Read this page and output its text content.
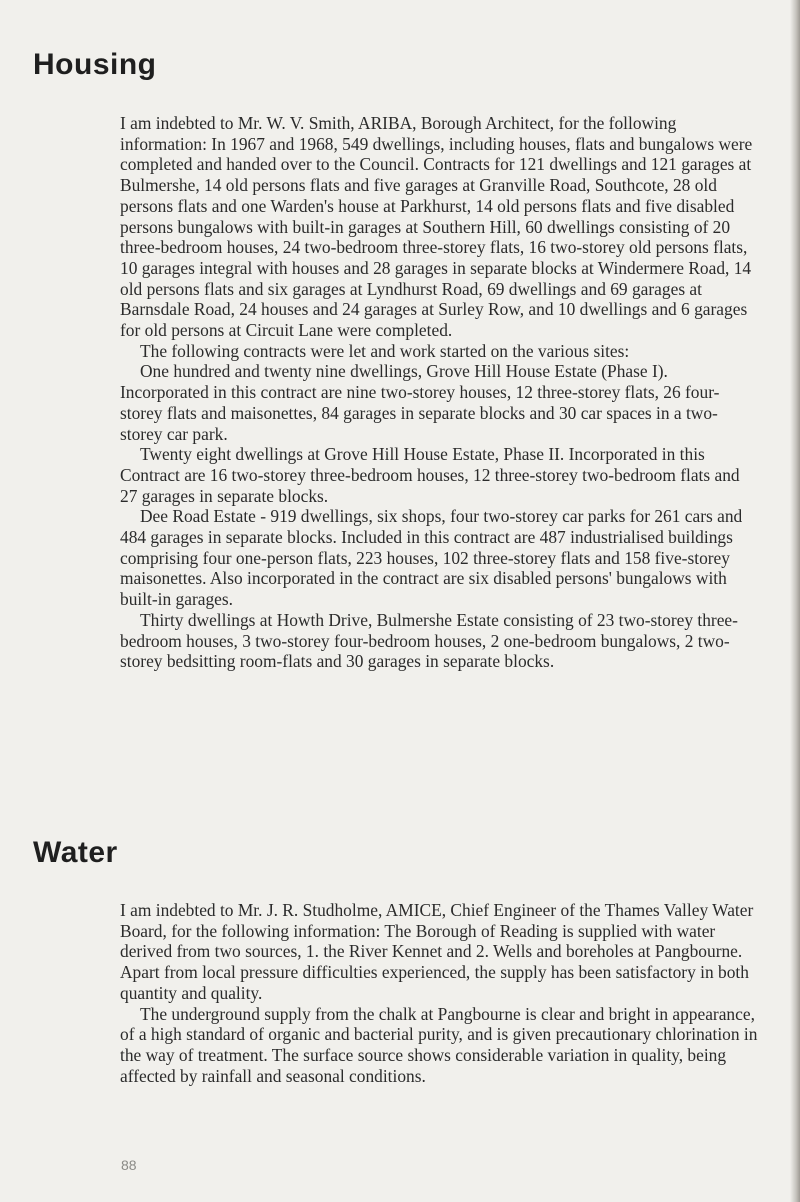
Housing

I am indebted to Mr. W. V. Smith, ARIBA, Borough Architect, for the following information: In 1967 and 1968, 549 dwellings, including houses, flats and bungalows were completed and handed over to the Council. Contracts for 121 dwellings and 121 garages at Bulmershe, 14 old persons flats and five garages at Granville Road, Southcote, 28 old persons flats and one Warden's house at Parkhurst, 14 old persons flats and five disabled persons bungalows with built-in garages at Southern Hill, 60 dwellings consisting of 20 three-bedroom houses, 24 two-bedroom three-storey flats, 16 two-storey old persons flats, 10 garages integral with houses and 28 garages in separate blocks at Windermere Road, 14 old persons flats and six garages at Lyndhurst Road, 69 dwellings and 69 garages at Barnsdale Road, 24 houses and 24 garages at Surley Row, and 10 dwellings and 6 garages for old persons at Circuit Lane were completed.

The following contracts were let and work started on the various sites:

One hundred and twenty nine dwellings, Grove Hill House Estate (Phase I). Incorporated in this contract are nine two-storey houses, 12 three-storey flats, 26 four-storey flats and maisonettes, 84 garages in separate blocks and 30 car spaces in a two-storey car park.

Twenty eight dwellings at Grove Hill House Estate, Phase II. Incorporated in this Contract are 16 two-storey three-bedroom houses, 12 three-storey two-bedroom flats and 27 garages in separate blocks.

Dee Road Estate - 919 dwellings, six shops, four two-storey car parks for 261 cars and 484 garages in separate blocks. Included in this contract are 487 industrialised buildings comprising four one-person flats, 223 houses, 102 three-storey flats and 158 five-storey maisonettes. Also incorporated in the contract are six disabled persons' bungalows with built-in garages.

Thirty dwellings at Howth Drive, Bulmershe Estate consisting of 23 two-storey three-bedroom houses, 3 two-storey four-bedroom houses, 2 one-bedroom bungalows, 2 two-storey bedsitting room-flats and 30 garages in separate blocks.

Water

I am indebted to Mr. J. R. Studholme, AMICE, Chief Engineer of the Thames Valley Water Board, for the following information: The Borough of Reading is supplied with water derived from two sources, 1. the River Kennet and 2. Wells and boreholes at Pangbourne. Apart from local pressure difficulties experienced, the supply has been satisfactory in both quantity and quality.

The underground supply from the chalk at Pangbourne is clear and bright in appearance, of a high standard of organic and bacterial purity, and is given precautionary chlorination in the way of treatment. The surface source shows considerable variation in quality, being affected by rainfall and seasonal conditions.

88
